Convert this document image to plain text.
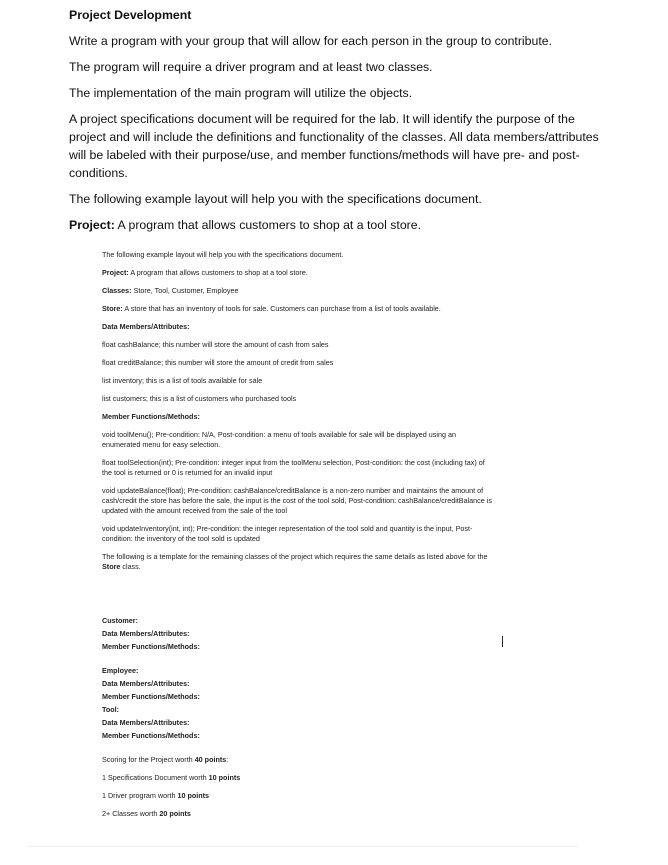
Project Development

Write a program with your group that will allow for each person in the group to contribute.

The program will require a driver program and at least two classes.

The implementation of the main program will utilize the objects.

A project specifications document will be required for the lab. It will identify the purpose of the project and will include the definitions and functionality of the classes. All data members/attributes will be labeled with their purpose/use, and member functions/methods will have pre- and post-conditions.

The following example layout will help you with the specifications document.

Project: A program that allows customers to shop at a tool store.

The following example layout will help you with the specifications document.

Project: A program that allows customers to shop at a tool store.

Classes: Store, Tool, Customer, Employee

Store: A store that has an inventory of tools for sale. Customers can purchase from a list of tools available.

Data Members/Attributes:

float cashBalance; this number will store the amount of cash from sales

float creditBalance; this number will store the amount of credit from sales

list inventory; this is a list of tools available for sale

list customers; this is a list of customers who purchased tools

Member Functions/Methods:

void toolMenu(); Pre-condition: N/A, Post-condition: a menu of tools available for sale will be displayed using an enumerated menu for easy selection.

float toolSelection(int); Pre-condition: integer input from the toolMenu selection, Post-condition: the cost (including tax) of the tool is returned or 0 is returned for an invalid input

void updateBalance(float); Pre-condition: cashBalance/creditBalance is a non-zero number and maintains the amount of cash/credit the store has before the sale, the input is the cost of the tool sold, Post-condition: cashBalance/creditBalance is updated with the amount received from the sale of the tool

void updateInventory(int, int); Pre-condition: the integer representation of the tool sold and quantity is the input, Post-condition: the inventory of the tool sold is updated

The following is a template for the remaining classes of the project which requires the same details as listed above for the Store class.

Customer:

Data Members/Attributes:

Member Functions/Methods:

Employee:

Data Members/Attributes:

Member Functions/Methods:

Tool:

Data Members/Attributes:

Member Functions/Methods:

Scoring for the Project worth 40 points:

1 Specifications Document worth 10 points

1 Driver program worth 10 points

2+ Classes worth 20 points
